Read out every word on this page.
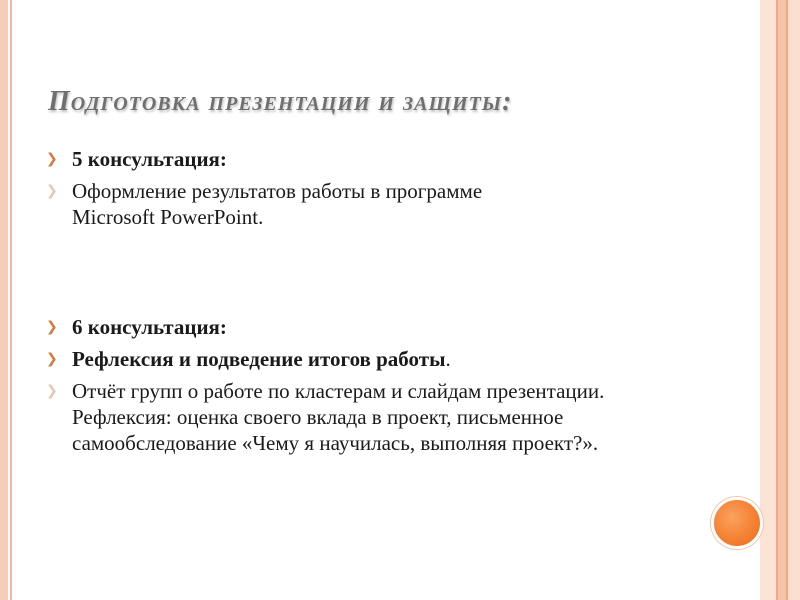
Подготовка презентации и защиты:
❯ 5 консультация:
❯ Оформление результатов работы в программе
Microsoft PowerPoint.
❯ 6 консультация:
❯ Рефлексия и подведение итогов работы.
❯ Отчёт групп о работе по кластерам и слайдам презентации. Рефлексия: оценка своего вклада в проект, письменное самообследование «Чему я научилась, выполняя проект?».
